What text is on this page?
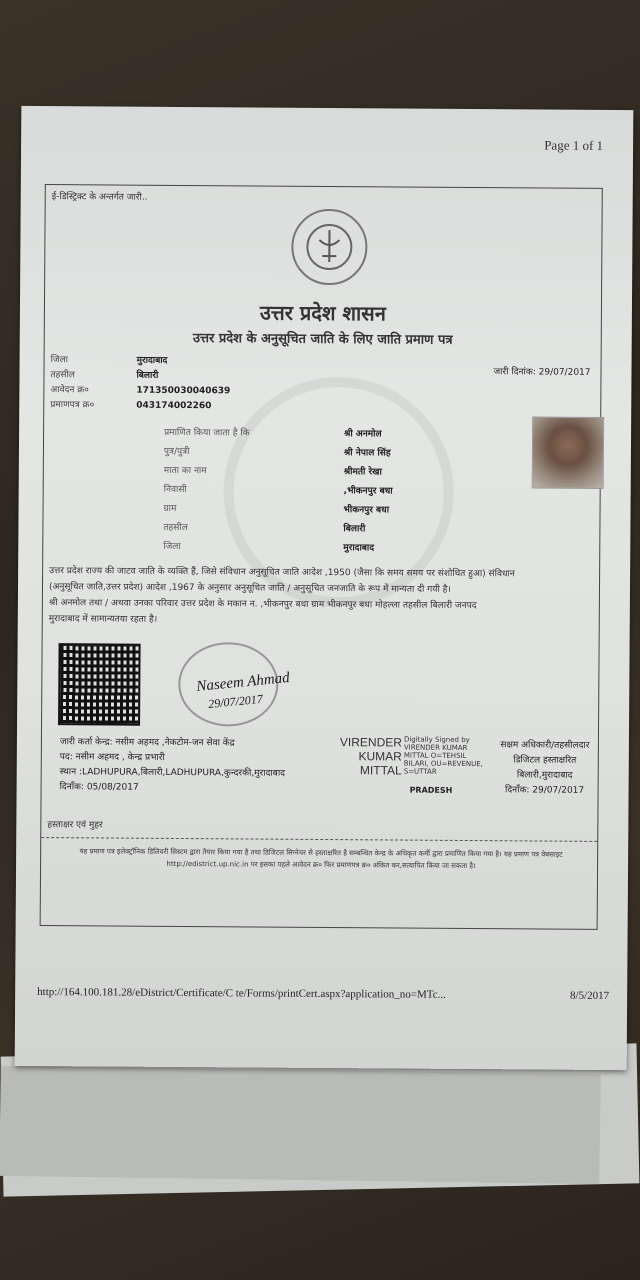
Page 1 of 1
ई-डिस्ट्रिक्ट के अन्तर्गत जारी..
उत्तर प्रदेश शासन
उत्तर प्रदेश के अनुसूचित जाति के लिए जाति प्रमाण पत्र
जिला	मुरादाबाद
तहसील	बिलारी
आवेदन क्र०	171350030040639
प्रमाणपत्र क्र०	043174002260
जारी दिनांक: 29/07/2017
प्रमाणित किया जाता है कि	श्री अनमोल
पुत्र/पुत्री	श्री नेपाल सिंह
माता का नाम	श्रीमती रेखा
निवासी	,भीकनपुर बधा
ग्राम	भीकनपुर बधा
तहसील	बिलारी
जिला	मुरादाबाद
उत्तर प्रदेश राज्य की जाटव जाति के व्यक्ति हैं, जिसे संविधान अनुसूचित जाति आदेश ,1950 (जैसा कि समय समय पर संशोधित हुआ) संविधान
(अनुसूचित जाति,उत्तर प्रदेश) आदेश ,1967 के अनुसार अनुसूचित जाति / अनुसूचित जनजाति के रूप में मान्यता दी गयी है।
श्री अनमोल तथा / अथवा उनका परिवार उत्तर प्रदेश के मकान न. ,भीकनपुर बधा ग्राम भीकनपुर बधा मोहल्ला तहसील बिलारी जनपद
मुरादाबाद में सामान्यतया रहता है।
Naseem Ahmad
29/07/2017
जारी कर्ता केन्द्र: नसीम अहमद ,नेकटोम-जन सेवा केंद्र
पद: नसीम अहमद , केन्द्र प्रभारी
स्थान :LADHUPURA,बिलारी,LADHUPURA,कुन्दरकी,मुरादाबाद
दिनाँक: 05/08/2017
VIRENDER
KUMAR
MITTAL
Digitally Signed by VIRENDER KUMAR MITTAL O=TEHSIL BILARI, OU=REVENUE, S=UTTAR
PRADESH
सक्षम अधिकारी/तहसीलदार
डिजिटल हस्ताक्षरित
बिलारी,मुरादाबाद
दिनाँक: 29/07/2017
हस्ताक्षर एवं मुहर
यह प्रमाण पत्र इलेक्ट्रॉनिक डिलिवरी सिस्टम द्वारा तैयार किया गया है तथा डिजिटल सिग्नेचर से हस्ताक्षरित है सम्बन्धित केन्द्र के अधिकृत कर्मी द्वारा प्रमाणित किया गया है। यह प्रमाण पत्र वेबसाइट http://edistrict.up.nic.in पर इसका पहले आवेदन क्र० फिर प्रमाणपत्र क्र० अंकित कर,सत्यापित किया जा सकता है।
http://164.100.181.28/eDistrict/Certificate/C te/Forms/printCert.aspx?application_no=MTc...	8/5/2017
